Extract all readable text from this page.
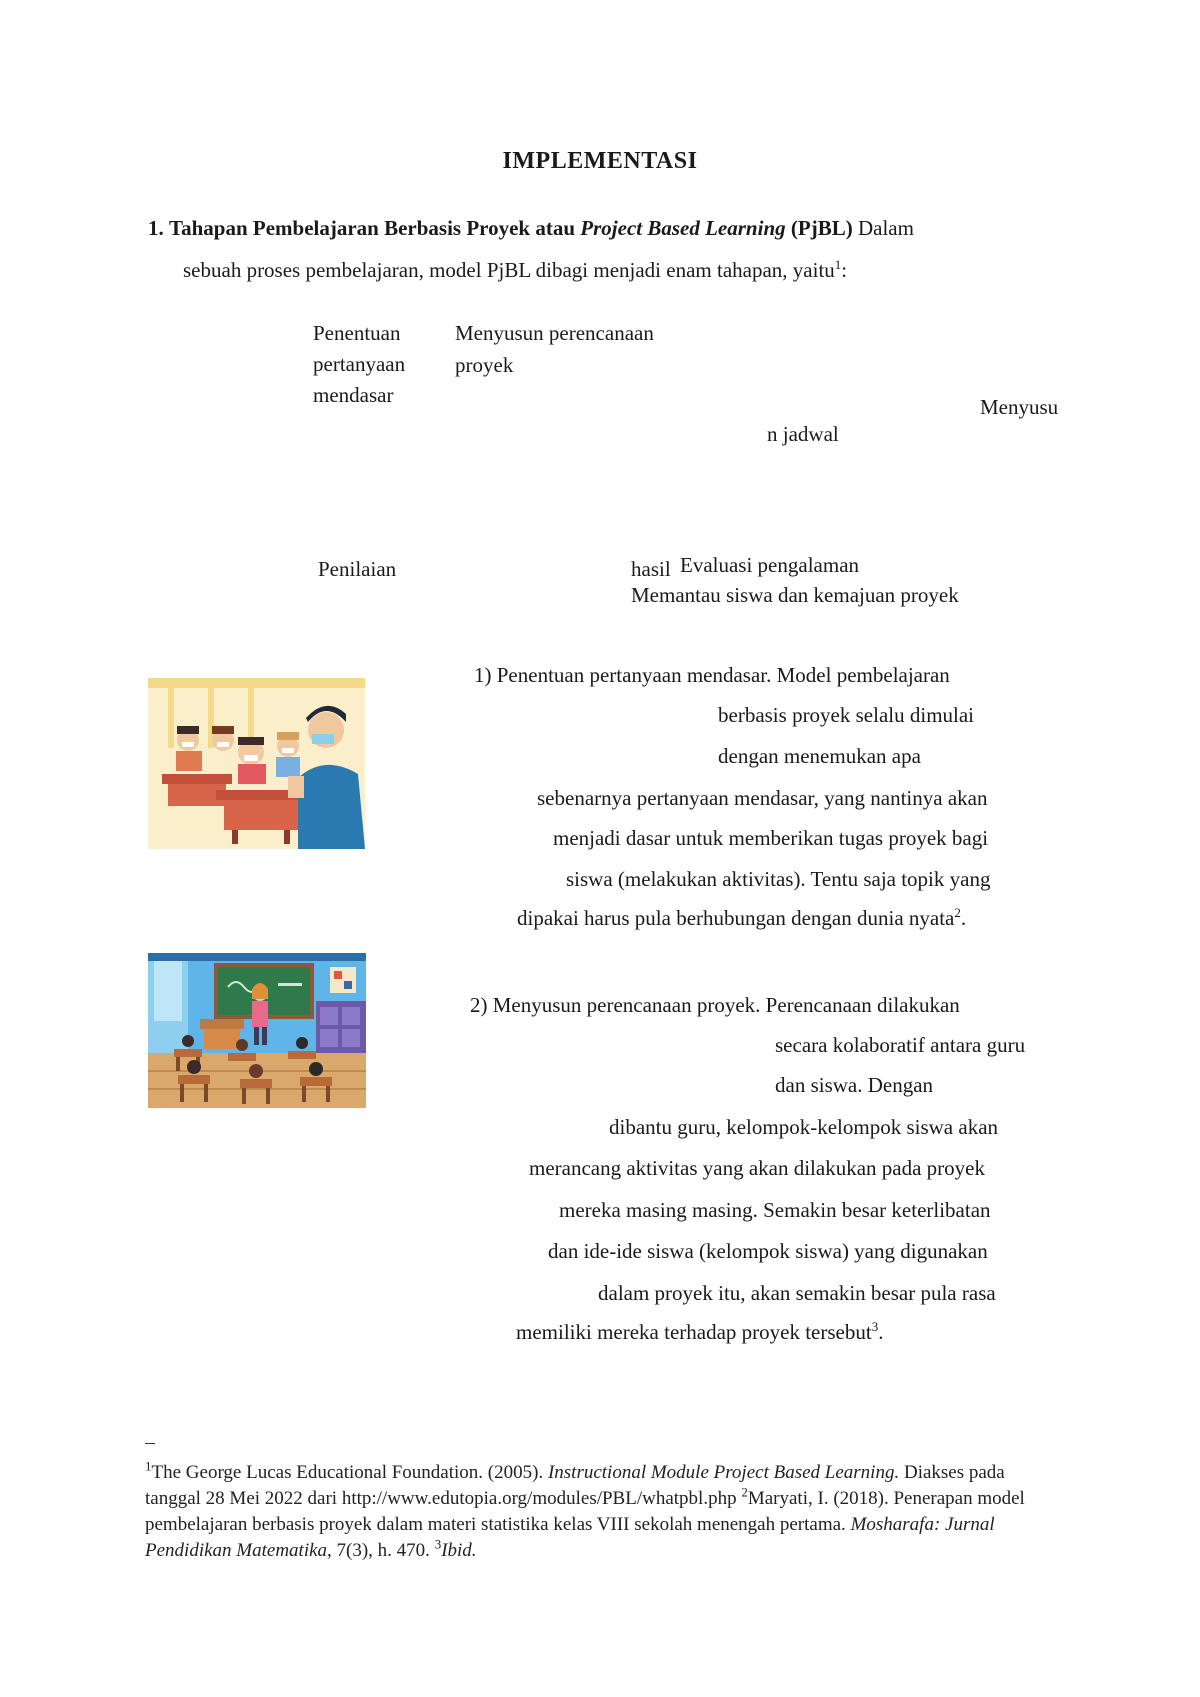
IMPLEMENTASI
1. Tahapan Pembelajaran Berbasis Proyek atau Project Based Learning (PjBL) Dalam
sebuah proses pembelajaran, model PjBL dibagi menjadi enam tahapan, yaitu$^1$:
Penentuan pertanyaan mendasar
Menyusun perencanaan
proyek
Menyusu
n jadwal
Penilaian	hasil Evaluasi pengalaman
Memantau siswa dan kemajuan proyek
1) Penentuan pertanyaan mendasar. Model pembelajaran
berbasis proyek selalu dimulai
dengan menemukan apa
sebenarnya pertanyaan mendasar, yang nantinya akan
menjadi dasar untuk memberikan tugas proyek bagi
siswa (melakukan aktivitas). Tentu saja topik yang
dipakai harus pula berhubungan dengan dunia nyata$^2$.
2) Menyusun perencanaan proyek. Perencanaan dilakukan
secara kolaboratif antara guru
dan siswa. Dengan
dibantu guru, kelompok-kelompok siswa akan
merancang aktivitas yang akan dilakukan pada proyek
mereka masing masing. Semakin besar keterlibatan
dan ide-ide siswa (kelompok siswa) yang digunakan
dalam proyek itu, akan semakin besar pula rasa
memiliki mereka terhadap proyek tersebut$^3$.
$^1$The George Lucas Educational Foundation. (2005). Instructional Module Project Based Learning. Diakses pada tanggal 28 Mei 2022 dari http://www.edutopia.org/modules/PBL/whatpbl.php $^2$Maryati, I. (2018). Penerapan model pembelajaran berbasis proyek dalam materi statistika kelas VIII sekolah menengah pertama. Mosharafa: Jurnal Pendidikan Matematika, 7(3), h. 470. $^3$Ibid.
